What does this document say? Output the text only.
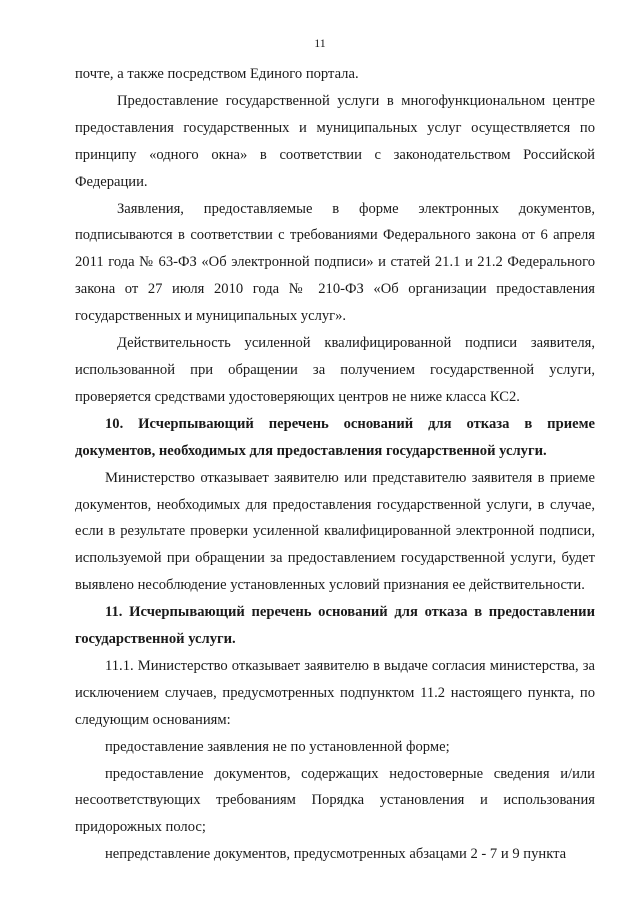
11

почте, а также посредством Единого портала.

Предоставление государственной услуги в многофункциональном центре предоставления государственных и муниципальных услуг осуществляется по принципу «одного окна» в соответствии с законодательством Российской Федерации.

Заявления, предоставляемые в форме электронных документов, подписываются в соответствии с требованиями Федерального закона от 6 апреля 2011 года № 63-ФЗ «Об электронной подписи» и статей 21.1 и 21.2 Федерального закона от 27 июля 2010 года № 210-ФЗ «Об организации предоставления государственных и муниципальных услуг».

Действительность усиленной квалифицированной подписи заявителя, использованной при обращении за получением государственной услуги, проверяется средствами удостоверяющих центров не ниже класса КС2.

10. Исчерпывающий перечень оснований для отказа в приеме документов, необходимых для предоставления государственной услуги.

Министерство отказывает заявителю или представителю заявителя в приеме документов, необходимых для предоставления государственной услуги, в случае, если в результате проверки усиленной квалифицированной электронной подписи, используемой при обращении за предоставлением государственной услуги, будет выявлено несоблюдение установленных условий признания ее действительности.

11. Исчерпывающий перечень оснований для отказа в предоставлении государственной услуги.

11.1. Министерство отказывает заявителю в выдаче согласия министерства, за исключением случаев, предусмотренных подпунктом 11.2 настоящего пункта, по следующим основаниям:

предоставление заявления не по установленной форме;

предоставление документов, содержащих недостоверные сведения и/или несоответствующих требованиям Порядка установления и использования придорожных полос;

непредставление документов, предусмотренных абзацами 2 - 7 и 9 пункта
